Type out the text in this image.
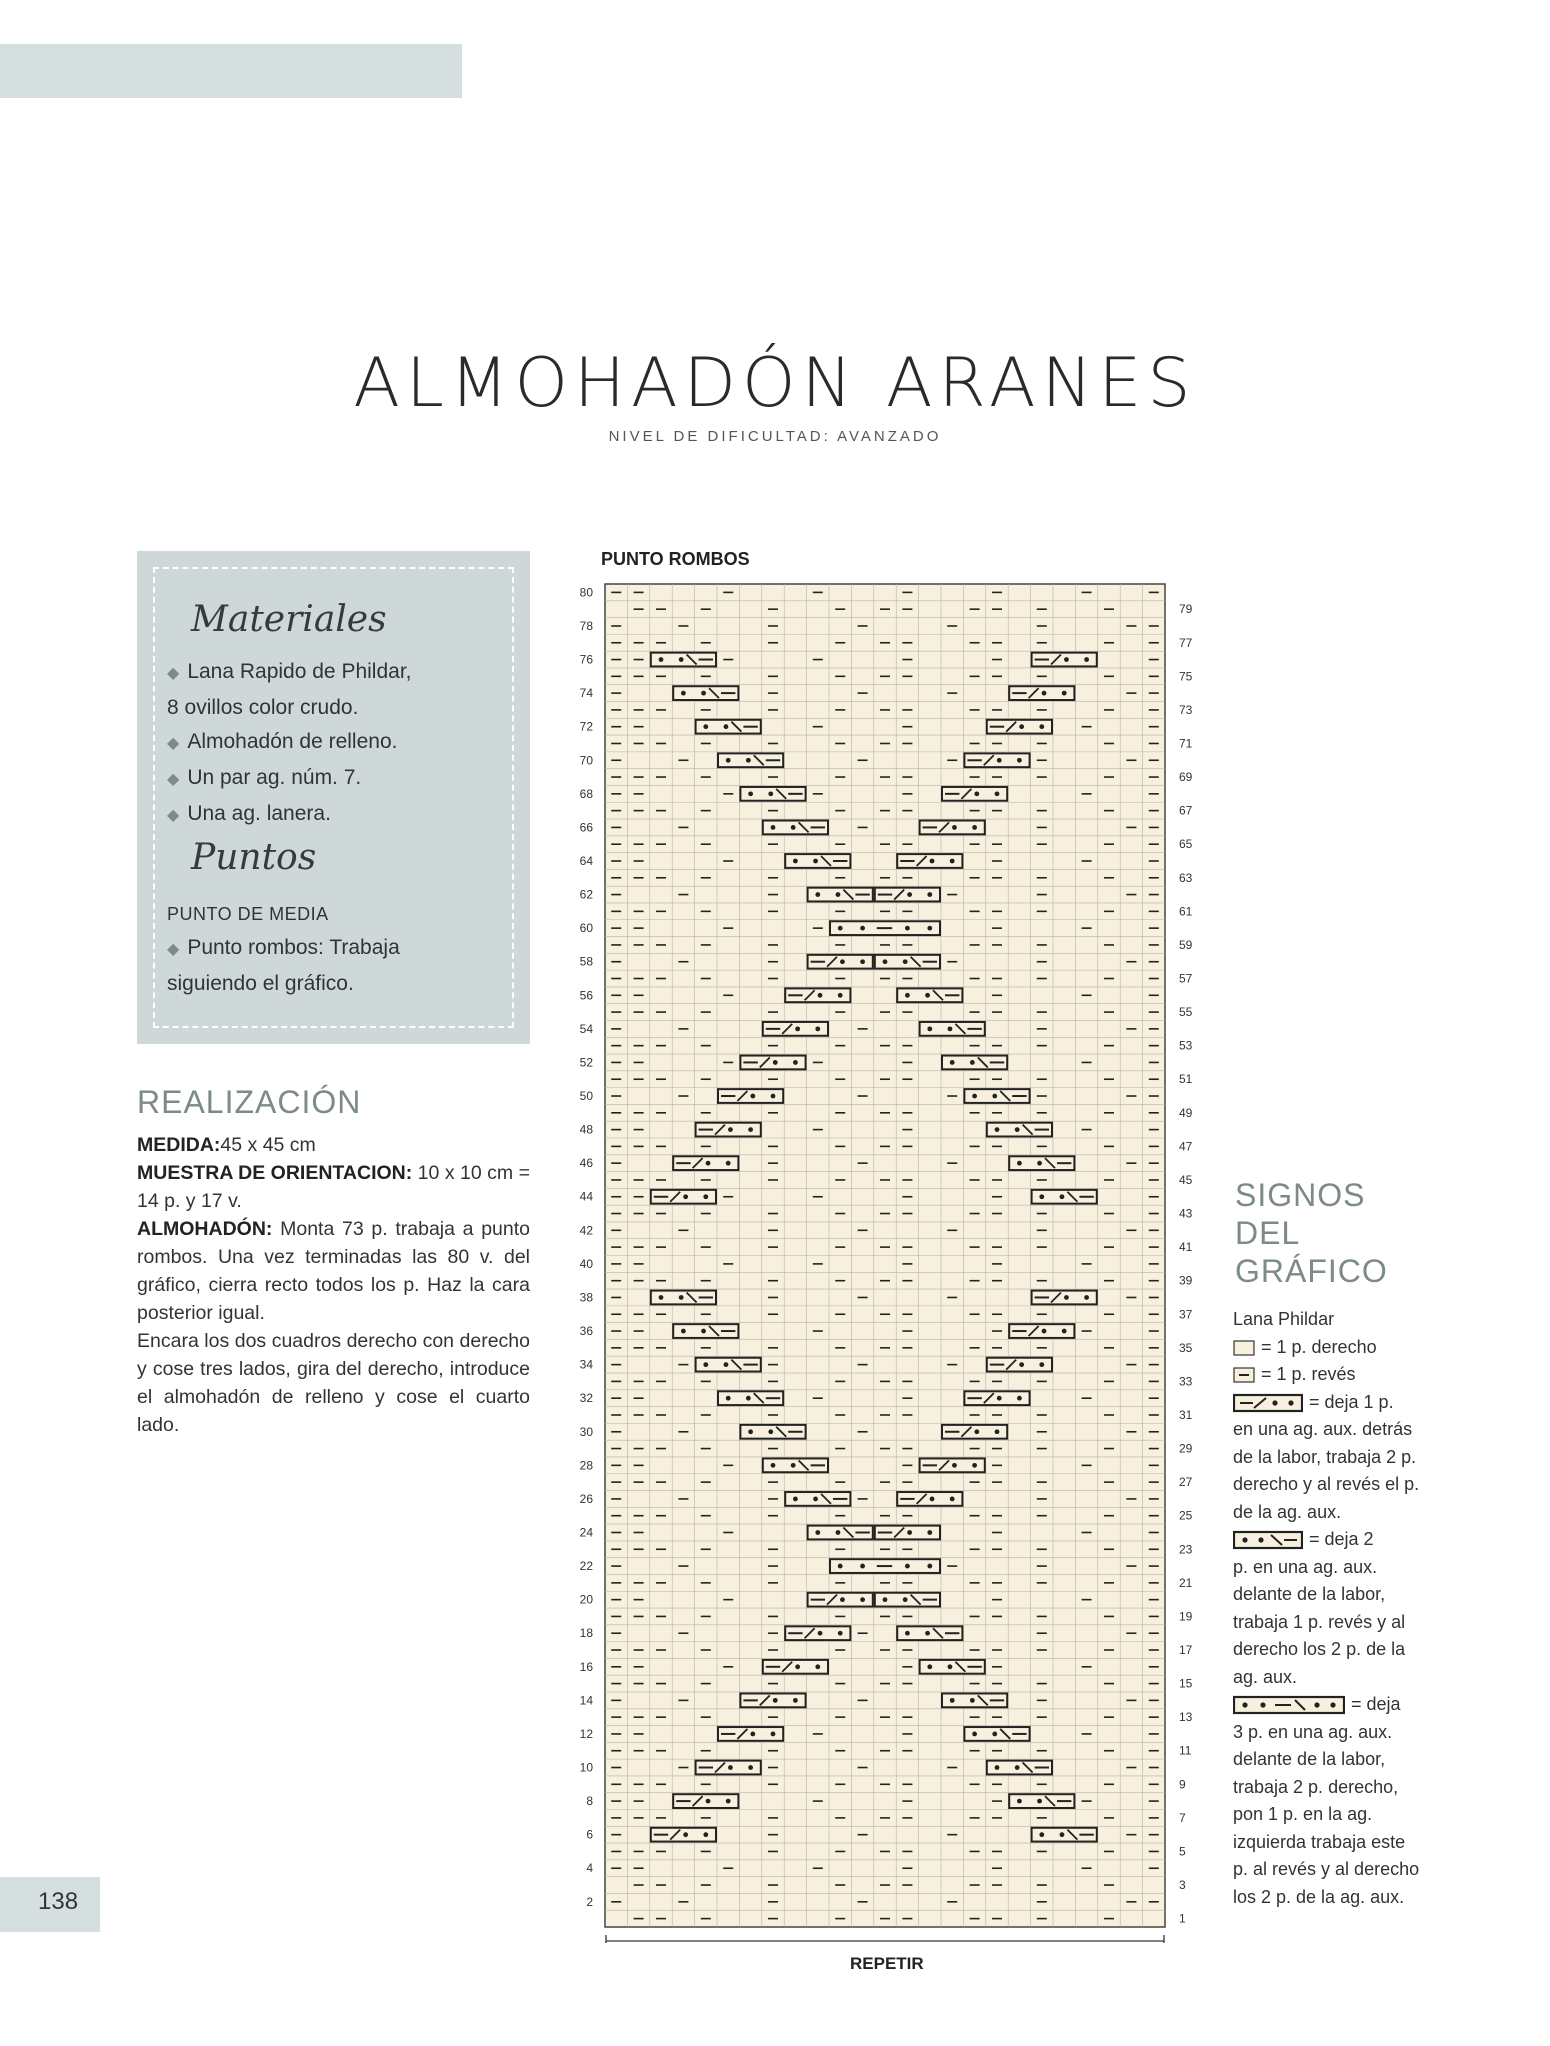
ALMOHADÓN ARANES
NIVEL DE DIFICULTAD: AVANZADO
Materiales
◆ Lana Rapido de Phildar,
8 ovillos color crudo.
◆ Almohadón de relleno.
◆ Un par ag. núm. 7.
◆ Una ag. lanera.
Puntos
PUNTO DE MEDIA
◆ Punto rombos: Trabaja
siguiendo el gráfico.
REALIZACIÓN

MEDIDA:45 x 45 cm

MUESTRA DE ORIENTACION: 10 x 10 cm = 14 p. y 17 v.

ALMOHADÓN: Monta 73 p. trabaja a punto rombos. Una vez terminadas las 80 v. del gráfico, cierra recto todos los p. Haz la cara posterior igual.

Encara los dos cuadros derecho con derecho y cose tres lados, gira del derecho, introduce el almohadón de relleno y cose el cuarto lado.

PUNTO ROMBOS
1
2
3
4
5
6
7
8
9
10
11
12
13
14
15
16
17
18
19
20
21
22
23
24
25
26
27
28
29
30
31
32
33
34
35
36
37
38
39
40
41
42
43
44
45
46
47
48
49
50
51
52
53
54
55
56
57
58
59
60
61
62
63
64
65
66
67
68
69
70
71
72
73
74
75
76
77
78
79
80
REPETIR
SIGNOS
DEL
GRÁFICO

Lana Phildar

= 1 p. derecho

= 1 p. revés

= deja 1 p.

en una ag. aux. detrás de la labor, trabaja 2 p. derecho y al revés el p. de la ag. aux.

= deja 2

p. en una ag. aux. delante de la labor, trabaja 1 p. revés y al derecho los 2 p. de la ag. aux.

= deja

3 p. en una ag. aux. delante de la labor, trabaja 2 p. derecho, pon 1 p. en la ag. izquierda trabaja este p. al revés y al derecho los 2 p. de la ag. aux.

138
